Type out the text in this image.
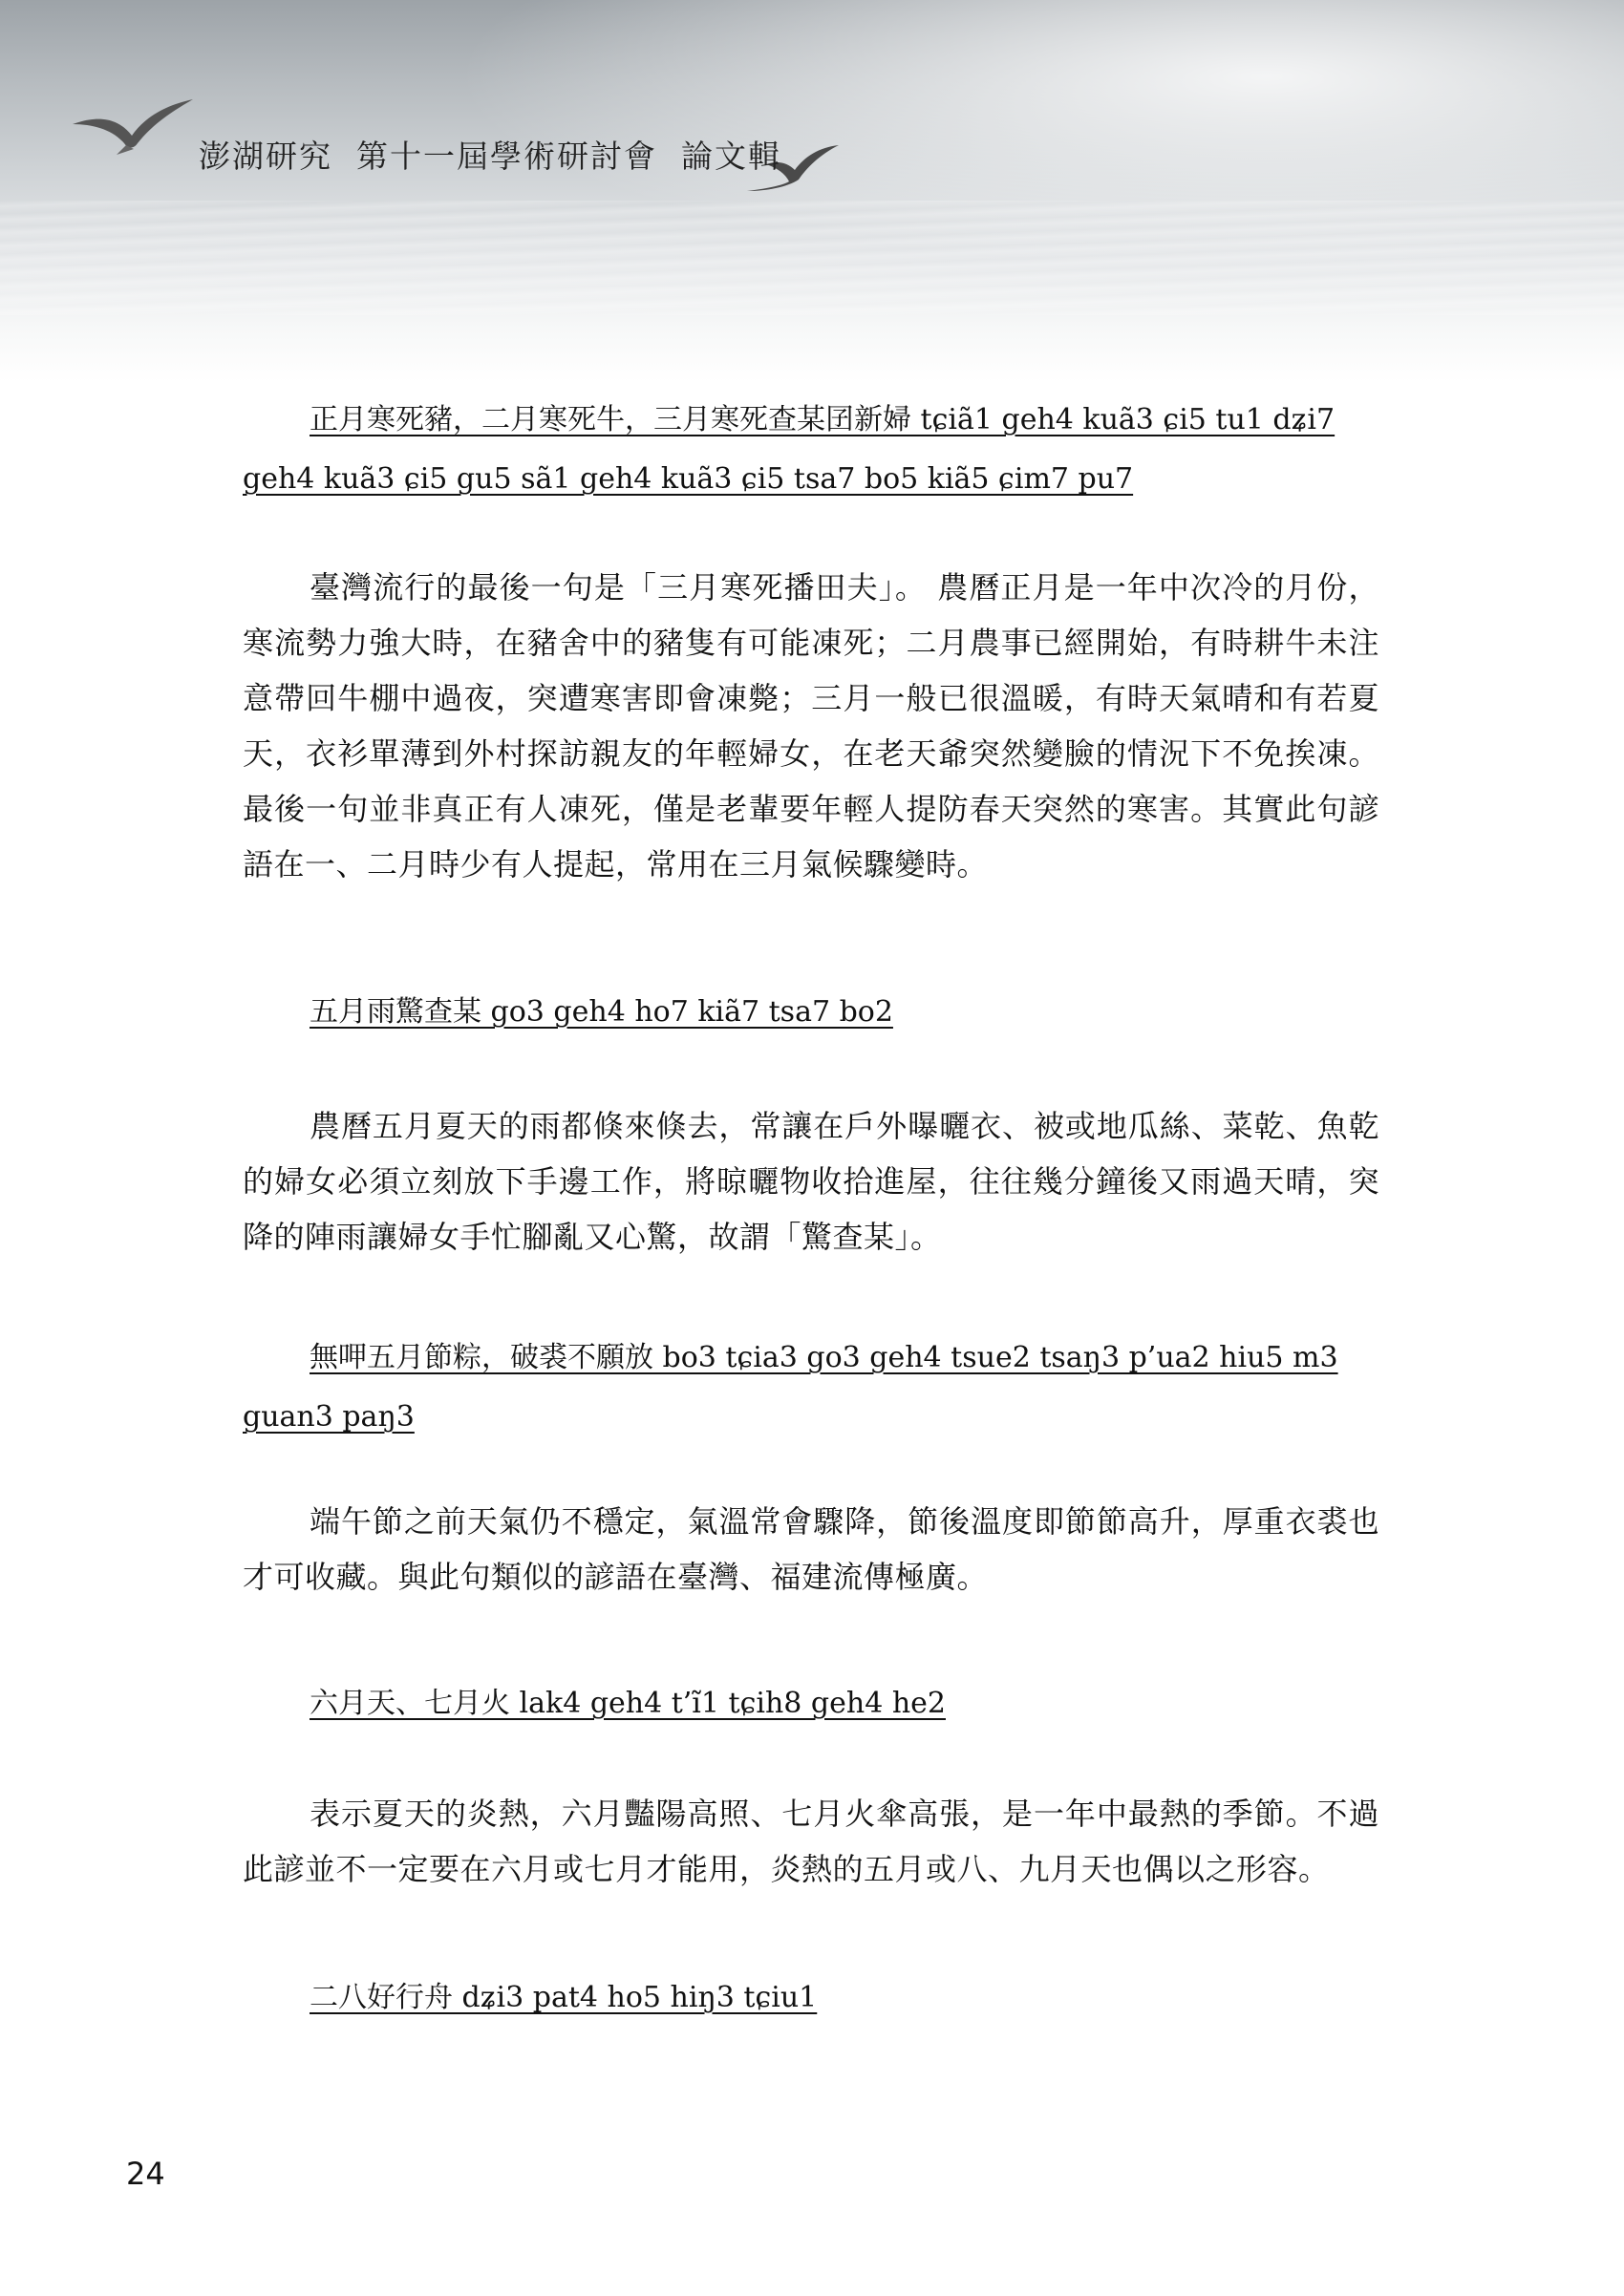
澎湖研究  第十一屆學術研討會  論文輯
正月寒死豬，二月寒死牛，三月寒死查某囝新婦 tɕiã1 geh4 kuã3 ɕi5 tu1 dʑi7
geh4 kuã3 ɕi5 gu5 sã1 geh4 kuã3 ɕi5 tsa7 bo5 kiã5 ɕim7 pu7
臺灣流行的最後一句是「三月寒死播田夫」。 農曆正月是一年中次冷的月份，寒流勢力強大時，在豬舍中的豬隻有可能凍死；二月農事已經開始，有時耕牛未注意帶回牛棚中過夜，突遭寒害即會凍斃；三月一般已很溫暖，有時天氣晴和有若夏天，衣衫單薄到外村探訪親友的年輕婦女，在老天爺突然變臉的情況下不免挨凍。最後一句並非真正有人凍死，僅是老輩要年輕人提防春天突然的寒害。其實此句諺語在一、二月時少有人提起，常用在三月氣候驟變時。
五月雨驚查某 go3 geh4 ho7 kiã7 tsa7 bo2
農曆五月夏天的雨都倏來倏去，常讓在戶外曝曬衣、被或地瓜絲、菜乾、魚乾的婦女必須立刻放下手邊工作，將晾曬物收拾進屋，往往幾分鐘後又雨過天晴，突降的陣雨讓婦女手忙腳亂又心驚，故謂「驚查某」。
無呷五月節粽，破裘不願放 bo3 tɕia3 go3 geh4 tsue2 tsaŋ3 p’ua2 hiu5 m3
guan3 paŋ3
端午節之前天氣仍不穩定，氣溫常會驟降，節後溫度即節節高升，厚重衣裘也才可收藏。與此句類似的諺語在臺灣、福建流傳極廣。
六月天、七月火 lak4 geh4 t’ĩ1 tɕih8 geh4 he2
表示夏天的炎熱，六月豔陽高照、七月火傘高張，是一年中最熱的季節。不過此諺並不一定要在六月或七月才能用，炎熱的五月或八、九月天也偶以之形容。
二八好行舟 dʑi3 pat4 ho5 hiŋ3 tɕiu1
24
